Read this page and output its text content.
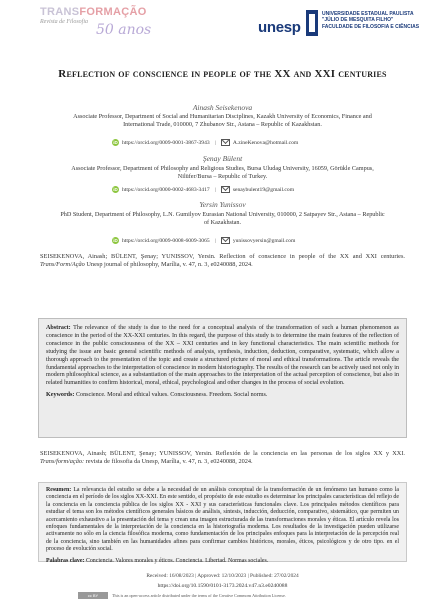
TRANSFORMAÇÃO
Revista de Filosofia 50 anos	unesp
UNIVERSIDADE ESTADUAL PAULISTA
"JÚLIO DE MESQUITA FILHO"
FACULDADE DE FILOSOFIA E CIÊNCIAS
Reflection of conscience in people of the XX and XXI centuries
Ainash Seisekenova
Associate Professor, Department of Social and Humanitarian Disciplines, Kazakh University of Economics, Finance and International Trade, 010000, 7 Zhubanov Str., Astana – Republic of Kazakhstan.
iD https://orcid.org/0009-0001-3867-3943 |	A.zineKenova@hotmail.com
Şenay Bülent
Associate Professor, Department of Philosophy and Religious Studies, Bursa Uludag University, 16059, Görükle Campus, Nilüfer/Bursa – Republic of Turkey.
iD https://orcid.org/0000-0002-4683-3417 |	senaybulent19@gmail.com
Yersin Yunissov
PhD Student, Department of Philosophy, L.N. Gumilyov Eurasian National University, 010000, 2 Satpayev Str., Astana – Republic of Kazakhstan.
iD https://orcid.org/0009-0008-6009-3065 |	yunissovyersin@gmail.com
SEISEKENOVA, Ainash; BÜLENT, Şenay; YUNISSOV, Yersin. Reflection of conscience in people of the XX and XXI centuries. Trans/Form/Ação Unesp journal of philosophy, Marília, v. 47, n. 3, e0240088, 2024.

Abstract: The relevance of the study is due to the need for a conceptual analysis of the transformation of such a human phenomenon as conscience in the period of the XX-XXI centuries. In this regard, the purpose of this study is to determine the main features of the reflection of conscience in the public consciousness of the XX – XXI centuries and in key functional characteristics. The main scientific methods for studying the issue are basic general scientific methods of analysis, synthesis, induction, deduction, comparative, systematic, which allow a thorough approach to the presentation of the topic and create a structured picture of moral and ethical transformations. The article reveals the fundamental approaches to the interpretation of conscience in modern historiography. The results of the research can be actively used not only in modern philosophical science, as a substantiation of the main approaches to the interpretation of the actual perception of conscience, but also in related humanities to confirm historical, moral, ethical, psychological and other changes in the process of social evolution.

Keywords: Conscience. Moral and ethical values. Consciousness. Freedom. Social norms.

SEISEKENOVA, Ainash; BÜLENT, Şenay; YUNISSOV, Yersin. Reflexión de la conciencia en las personas de los siglos XX y XXI. Trans/form/ação: revista de filosofia da Unesp, Marília, v. 47, n. 3, e0240088, 2024.

Resumen: La relevancia del estudio se debe a la necesidad de un análisis conceptual de la transformación de un fenómeno tan humano como la conciencia en el período de los siglos XX-XXI. En este sentido, el propósito de este estudio es determinar los principales características del reflejo de la conciencia en la conciencia pública de los siglos XX - XXI y sus características funcionales clave. Los principales métodos científicos para estudiar el tema son los métodos científicos generales básicos de análisis, síntesis, inducción, deducción, comparativo, sistemático, que permiten un acercamiento exhaustivo a la presentación del tema y crean una imagen estructurada de las transformaciones morales y éticas. El artículo revela los enfoques fundamentales de la interpretación de la conciencia en la historiografía moderna. Los resultados de la investigación pueden utilizarse activamente no sólo en la ciencia filosófica moderna, como fundamentación de los principales enfoques para la interpretación de la percepción real de la conciencia, sino también en las humanidades afines para confirmar cambios históricos, morales, éticos, psicológicos y de otro tipo. en el proceso de evolución social.

Palabras clave: Conciencia. Valores morales y éticos. Conciencia. Libertad. Normas sociales.

Received: 16/08/2023 | Approved: 12/10/2023 | Published: 27/02/2024
https://doi.org/10.1590/0101-3173.2024.v47.n3.e0240088
cc BY	This is an open-access article distributed under the terms of the Creative Commons Attribution License.
